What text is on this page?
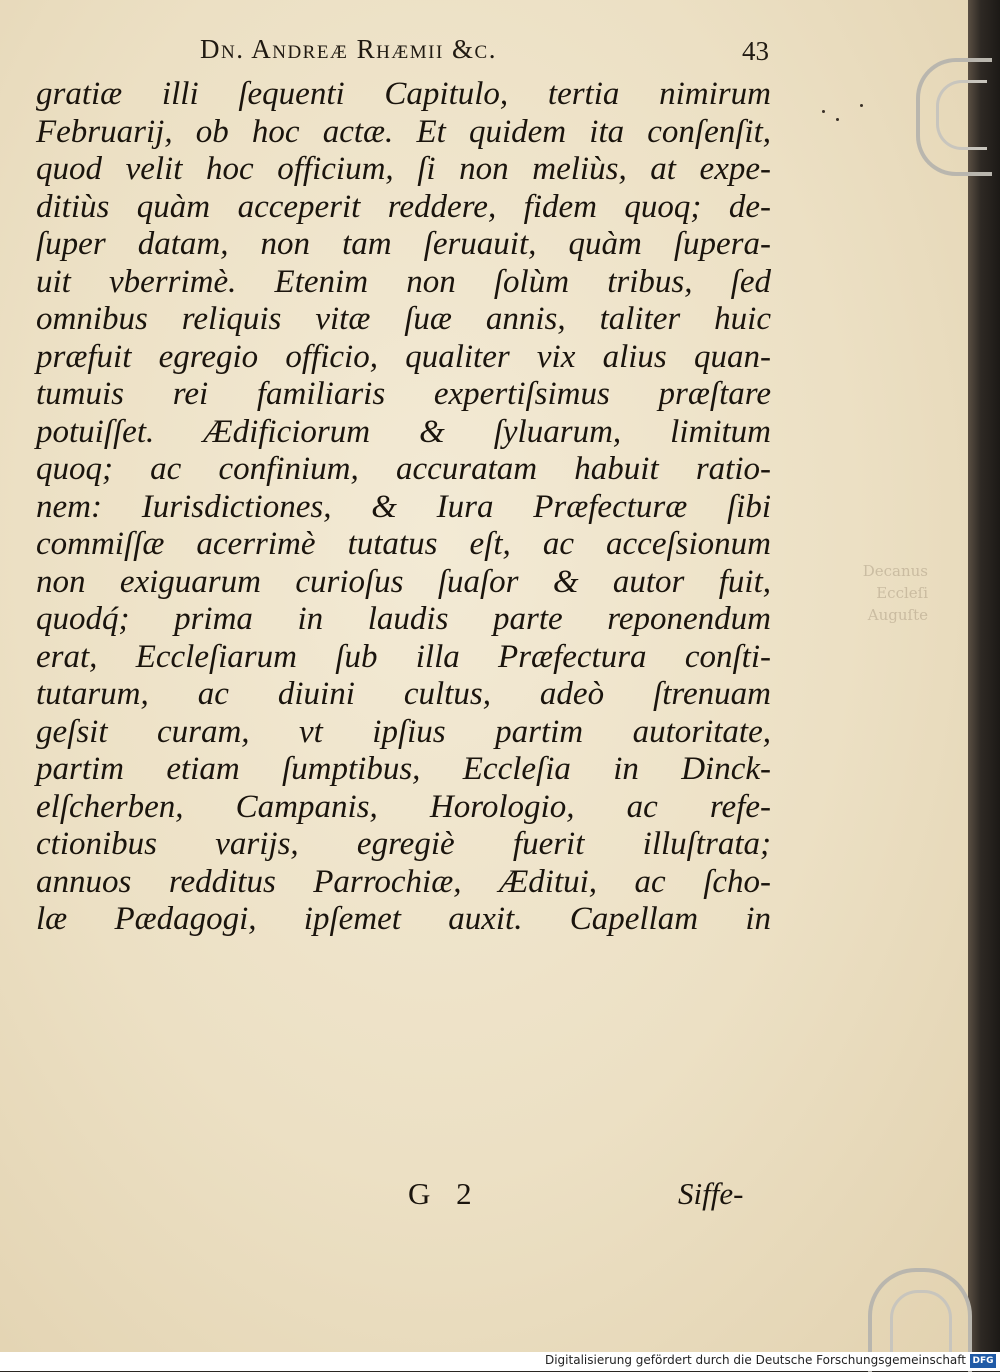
Decanus
Eccleſi
Auguſte
Dn. Andreæ Rhæmii &c.	43
gratiæ illi ſequenti Capitulo, tertia nimirum
Februarij, ob hoc actæ. Et quidem ita conſenſit,
quod velit hoc officium, ſi non meliùs, at expe-
ditiùs quàm acceperit reddere, fidem quoq; de-
ſuper datam, non tam ſeruauit, quàm ſupera-
uit vberrimè. Etenim non ſolùm tribus, ſed
omnibus reliquis vitæ ſuæ annis, taliter huic
præfuit egregio officio, qualiter vix alius quan-
tumuis rei familiaris expertiſsimus præſtare
potuiſſet. Ædificiorum & ſyluarum, limitum
quoq; ac confinium, accuratam habuit ratio-
nem: Iurisdictiones, & Iura Præfecturæ ſibi
commiſſæ acerrimè tutatus eſt, ac acceſsionum
non exiguarum curioſus ſuaſor & autor fuit,
quodq́; prima in laudis parte reponendum
erat, Eccleſiarum ſub illa Præfectura conſti-
tutarum, ac diuini cultus, adeò ſtrenuam
geſsit curam, vt ipſius partim autoritate,
partim etiam ſumptibus, Eccleſia in Dinck-
elſcherben, Campanis, Horologio, ac refe-
ctionibus varijs, egregiè fuerit illuſtrata;
annuos redditus Parrochiæ, Æditui, ac ſcho-
læ Pædagogi, ipſemet auxit. Capellam in
G 2	Siffe-
Digitalisierung gefördert durch die Deutsche Forschungsgemeinschaft DFG
